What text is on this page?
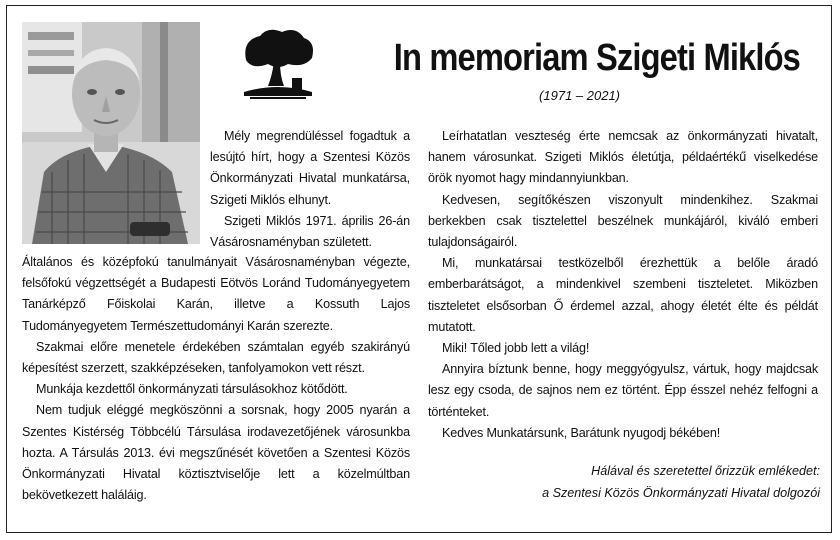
In memoriam Szigeti Miklós
(1971 – 2021)

Mély megrendüléssel fogadtuk a lesújtó hírt, hogy a Szentesi Közös Önkormányzati Hivatal munkatársa, Szigeti Miklós elhunyt.

Szigeti Miklós 1971. április 26-án Vásárosnaményban született.

Általános és középfokú tanulmányait Vásárosnaményban végezte, felsőfokú végzettségét a Budapesti Eötvös Loránd Tudományegyetem Tanárképző Főiskolai Karán, illetve a Kossuth Lajos Tudományegyetem Természettudományi Karán szerezte.

Szakmai előre menetele érdekében számtalan egyéb szakirányú képesítést szerzett, szakképzéseken, tanfolyamokon vett részt.

Munkája kezdettől önkormányzati társulásokhoz kötődött.

Nem tudjuk eléggé megköszönni a sorsnak, hogy 2005 nyarán a Szentes Kistérség Többcélú Társulása irodavezetőjének városunkba hozta. A Társulás 2013. évi megszűnését követően a Szentesi Közös Önkormányzati Hivatal köztisztviselője lett a közelmúltban bekövetkezett haláláig.

Leírhatatlan veszteség érte nemcsak az önkormányzati hivatalt, hanem városunkat. Szigeti Miklós életútja, példaértékű viselkedése örök nyomot hagy mindannyiunkban.

Kedvesen, segítőkészen viszonyult mindenkihez. Szakmai berkekben csak tisztelettel beszélnek munkájáról, kiváló emberi tulajdonságairól.

Mi, munkatársai testközelből érezhettük a belőle áradó emberbarátságot, a mindenkivel szembeni tiszteletet. Miközben tiszteletet elsősorban Ő érdemel azzal, ahogy életét élte és példát mutatott.

Miki! Tőled jobb lett a világ!

Annyira bíztunk benne, hogy meggyógyulsz, vártuk, hogy majdcsak lesz egy csoda, de sajnos nem ez történt. Épp ésszel nehéz felfogni a történteket.

Kedves Munkatársunk, Barátunk nyugodj békében!

Hálával és szeretettel őrizzük emlékedet:
a Szentesi Közös Önkormányzati Hivatal dolgozói
